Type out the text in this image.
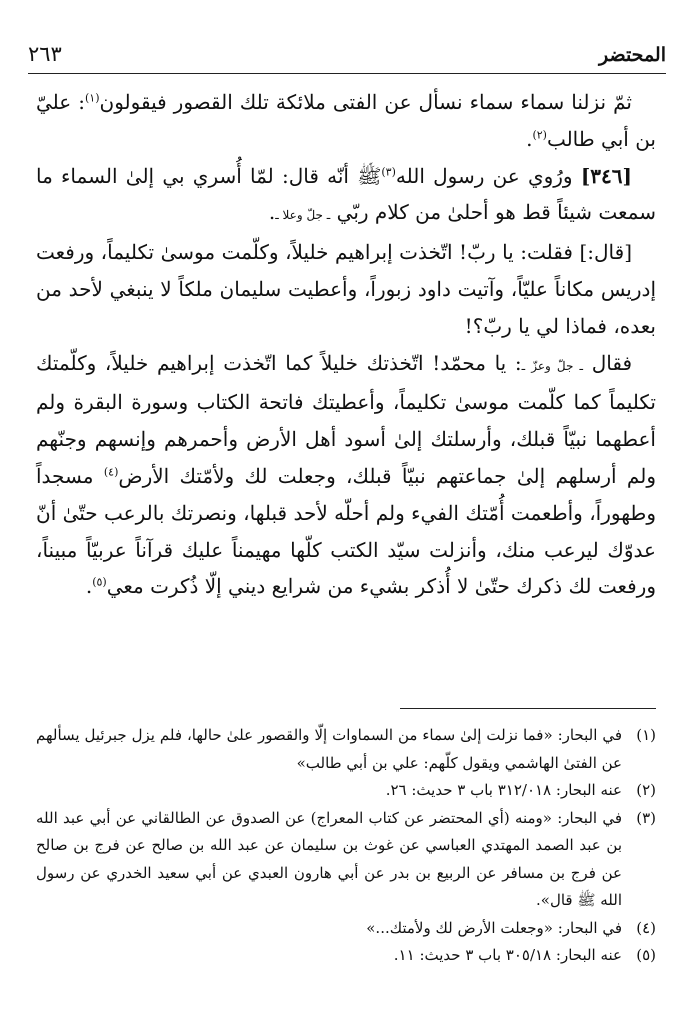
المحتضر
٢٦٣

ثمّ نزلنا سماء سماء نسأل عن الفتى ملائكة تلك القصور فيقولون$^{(١)}$: عليّ بن أبي طالب$^{(٢)}$.

[٣٤٦] ورُوي عن رسول الله$^{(٣)}$ﷺ أنّه قال: لمّا أُسري بي إلىٰ السماء ما سمعت شيئاً قط هو أحلىٰ من كلام ربّي ـ جلّ وعلا ـ.

[قال:] فقلت: يا ربّ! اتّخذت إبراهيم خليلاً، وكلّمت موسىٰ تكليماً، ورفعت إدريس مكاناً عليّاً، وآتيت داود زبوراً، وأعطيت سليمان ملكاً لا ينبغي لأحد من بعده، فماذا لي يا ربّ؟!

فقال ـ جلّ وعزّ ـ: يا محمّد! اتّخذتك خليلاً كما اتّخذت إبراهيم خليلاً، وكلّمتك تكليماً كما كلّمت موسىٰ تكليماً، وأعطيتك فاتحة الكتاب وسورة البقرة ولم أعطهما نبيّاً قبلك، وأرسلتك إلىٰ أسود أهل الأرض وأحمرهم وإنسهم وجنّهم ولم أرسلهم إلىٰ جماعتهم نبيّاً قبلك، وجعلت لك ولأمّتك الأرض$^{(٤)}$ مسجداً وطهوراً، وأطعمت أُمّتك الفيء ولم أحلّه لأحد قبلها، ونصرتك بالرعب حتّىٰ أنّ عدوّك ليرعب منك، وأنزلت سيّد الكتب كلّها مهيمناً عليك قرآناً عربيّاً مبيناً، ورفعت لك ذكرك حتّىٰ لا أُذكر بشيء من شرايع ديني إلّا ذُكرت معي$^{(٥)}$.

(١)
في البحار: «فما نزلت إلىٰ سماء من السماوات إلّا والقصور علىٰ حالها، فلم يزل جبرئيل يسألهم عن الفتىٰ الهاشمي ويقول كلّهم: علي بن أبي طالب»

(٢)
عنه البحار: ٣١٢/٠١٨ باب ٣ حديث: ٢٦.

(٣)
في البحار: «ومنه (أي المحتضر عن كتاب المعراج) عن الصدوق عن الطالقاني عن أبي عبد الله بن عبد الصمد المهتدي العباسي عن غوث بن سليمان عن عبد الله بن صالح عن فرج بن صالح عن فرج بن مسافر عن الربيع بن بدر عن أبي هارون العبدي عن أبي سعيد الخدري عن رسول الله ﷺ قال».

(٤)
في البحار: «وجعلت الأرض لك ولأمتك...»

(٥)
عنه البحار: ٣٠٥/١٨ باب ٣ حديث: ١١.
